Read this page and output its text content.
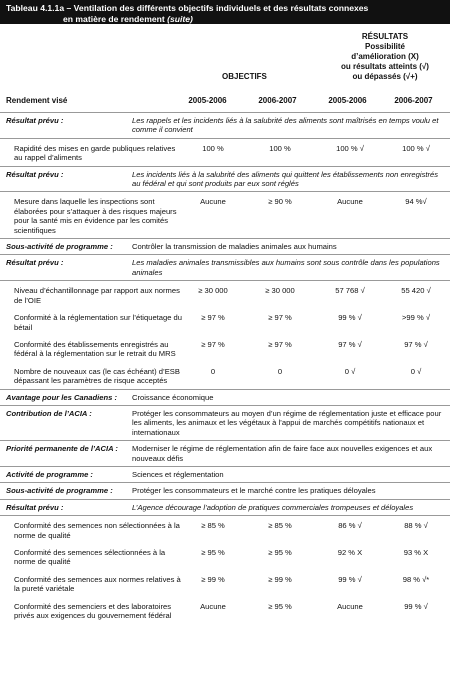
Tableau 4.1.1a – Ventilation des différents objectifs individuels et des résultats connexes
en matière de rendement (suite)
OBJECTIFS
RÉSULTATS
Possibilité
d’amélioration (X)
ou résultats atteints (√)
ou dépassés (√+)
Rendement visé	2005-2006	2006-2007	2005-2006	2006-2007
Résultat prévu :	Les rappels et les incidents liés à la salubrité des aliments sont maîtrisés en temps voulu et comme il convient
Rapidité des mises en garde publiques relatives au rappel d’aliments
100 %	100 %	100 % √	100 % √
Résultat prévu :	Les incidents liés à la salubrité des aliments qui quittent les établissements non enregistrés au fédéral et qui sont produits par eux sont réglés
Mesure dans laquelle les inspections sont élaborées pour s’attaquer à des risques majeurs pour la santé mis en évidence par les comités scientifiques
Aucune	≥ 90 %	Aucune	94 %√
Sous-activité de programme :	Contrôler la transmission de maladies animales aux humains
Résultat prévu :	Les maladies animales transmissibles aux humains sont sous contrôle dans les populations animales
Niveau d’échantillonnage par rapport aux normes de l’OIE
≥ 30 000	≥ 30 000	57 768 √	55 420 √
Conformité à la réglementation sur l’étiquetage du bétail
≥ 97 %	≥ 97 %	99 % √	>99 % √
Conformité des établissements enregistrés au fédéral à la réglementation sur le retrait du MRS
≥ 97 %	≥ 97 %	97 % √	97 % √
Nombre de nouveaux cas (le cas échéant) d’ESB dépassant les paramètres de risque acceptés
0	0	0 √	0 √
Avantage pour les Canadiens :	Croissance économique
Contribution de l’ACIA :	Protéger les consommateurs au moyen d’un régime de réglementation juste et efficace pour les aliments, les animaux et les végétaux à l’appui de marchés compétitifs nationaux et internationaux
Priorité permanente de l’ACIA :	Moderniser le régime de réglementation afin de faire face aux nouvelles exigences et aux nouveaux défis
Activité de programme :	Sciences et réglementation
Sous-activité de programme :	Protéger les consommateurs et le marché contre les pratiques déloyales
Résultat prévu :	L’Agence décourage l’adoption de pratiques commerciales trompeuses et déloyales
Conformité des semences non sélectionnées à la norme de qualité
≥ 85 %	≥ 85 %	86 % √	88 % √
Conformité des semences sélectionnées à la norme de qualité
≥ 95 %	≥ 95 %	92 % X	93 % X
Conformité des semences aux normes relatives à la pureté variétale
≥ 99 %	≥ 99 %	99 % √	98 % √*
Conformité des semenciers et des laboratoires privés aux exigences du gouvernement fédéral
Aucune	≥ 95 %	Aucune	99 % √
